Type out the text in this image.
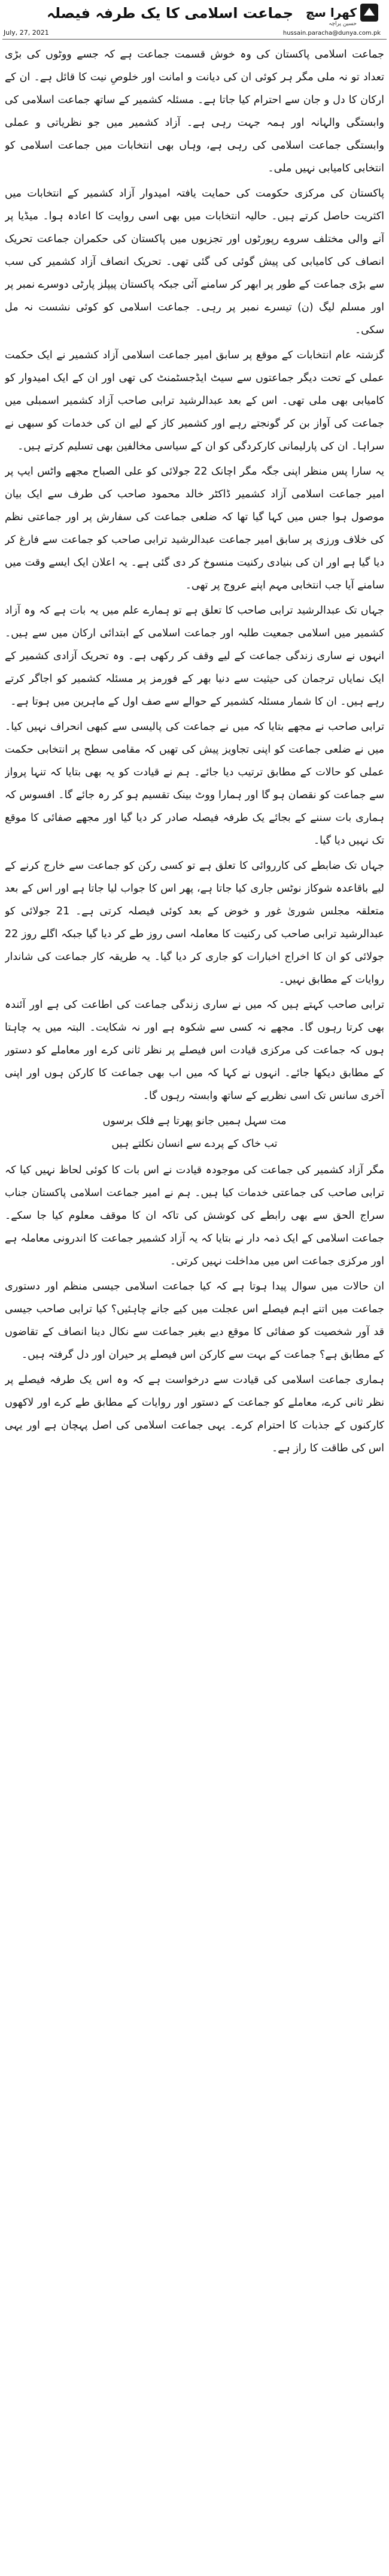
جماعت اسلامی کا یک طرفہ فیصلہ کھرا سچ
حسین پراچہ
July, 27, 2021	hussain.paracha@dunya.com.pk

جماعت اسلامی پاکستان کی وہ خوش قسمت جماعت ہے کہ جسے ووٹوں کی بڑی تعداد تو نہ ملی مگر ہر کوئی ان کی دیانت و امانت اور خلوصِ نیت کا قائل ہے۔ ان کے ارکان کا دل و جان سے احترام کیا جاتا ہے۔ مسئلہ کشمیر کے ساتھ جماعت اسلامی کی وابستگی والہانہ اور ہمہ جہت رہی ہے۔ آزاد کشمیر میں جو نظریاتی و عملی وابستگی جماعت اسلامی کی رہی ہے، وہاں بھی انتخابات میں جماعت اسلامی کو انتخابی کامیابی نہیں ملی۔

پاکستان کی مرکزی حکومت کی حمایت یافتہ امیدوار آزاد کشمیر کے انتخابات میں اکثریت حاصل کرتے ہیں۔ حالیہ انتخابات میں بھی اسی روایت کا اعادہ ہوا۔ میڈیا پر آنے والی مختلف سروے رپورٹوں اور تجزیوں میں پاکستان کی حکمران جماعت تحریک انصاف کی کامیابی کی پیش گوئی کی گئی تھی۔ تحریک انصاف آزاد کشمیر کی سب سے بڑی جماعت کے طور پر ابھر کر سامنے آئی جبکہ پاکستان پیپلز پارٹی دوسرے نمبر پر اور مسلم لیگ (ن) تیسرے نمبر پر رہی۔ جماعت اسلامی کو کوئی نشست نہ مل سکی۔

گزشتہ عام انتخابات کے موقع پر سابق امیر جماعت اسلامی آزاد کشمیر نے ایک حکمت عملی کے تحت دیگر جماعتوں سے سیٹ ایڈجسٹمنٹ کی تھی اور ان کے ایک امیدوار کو کامیابی بھی ملی تھی۔ اس کے بعد عبدالرشید ترابی صاحب آزاد کشمیر اسمبلی میں جماعت کی آواز بن کر گونجتے رہے اور کشمیر کاز کے لیے ان کی خدمات کو سبھی نے سراہا۔ ان کی پارلیمانی کارکردگی کو ان کے سیاسی مخالفین بھی تسلیم کرتے ہیں۔

یہ سارا پس منظر اپنی جگہ مگر اچانک 22 جولائی کو علی الصباح مجھے واٹس ایپ پر امیر جماعت اسلامی آزاد کشمیر ڈاکٹر خالد محمود صاحب کی طرف سے ایک بیان موصول ہوا جس میں کہا گیا تھا کہ ضلعی جماعت کی سفارش پر اور جماعتی نظم کی خلاف ورزی پر سابق امیر جماعت عبدالرشید ترابی صاحب کو جماعت سے فارغ کر دیا گیا ہے اور ان کی بنیادی رکنیت منسوخ کر دی گئی ہے۔ یہ اعلان ایک ایسے وقت میں سامنے آیا جب انتخابی مہم اپنے عروج پر تھی۔

جہاں تک عبدالرشید ترابی صاحب کا تعلق ہے تو ہمارے علم میں یہ بات ہے کہ وہ آزاد کشمیر میں اسلامی جمعیت طلبہ اور جماعت اسلامی کے ابتدائی ارکان میں سے ہیں۔ انہوں نے ساری زندگی جماعت کے لیے وقف کر رکھی ہے۔ وہ تحریک آزادی کشمیر کے ایک نمایاں ترجمان کی حیثیت سے دنیا بھر کے فورمز پر مسئلہ کشمیر کو اجاگر کرتے رہے ہیں۔ ان کا شمار مسئلہ کشمیر کے حوالے سے صف اول کے ماہرین میں ہوتا ہے۔

ترابی صاحب نے مجھے بتایا کہ میں نے جماعت کی پالیسی سے کبھی انحراف نہیں کیا۔ میں نے ضلعی جماعت کو اپنی تجاویز پیش کی تھیں کہ مقامی سطح پر انتخابی حکمت عملی کو حالات کے مطابق ترتیب دیا جائے۔ ہم نے قیادت کو یہ بھی بتایا کہ تنہا پرواز سے جماعت کو نقصان ہو گا اور ہمارا ووٹ بینک تقسیم ہو کر رہ جائے گا۔ افسوس کہ ہماری بات سننے کے بجائے یک طرفہ فیصلہ صادر کر دیا گیا اور مجھے صفائی کا موقع تک نہیں دیا گیا۔

جہاں تک ضابطے کی کارروائی کا تعلق ہے تو کسی رکن کو جماعت سے خارج کرنے کے لیے باقاعدہ شوکاز نوٹس جاری کیا جاتا ہے، پھر اس کا جواب لیا جاتا ہے اور اس کے بعد متعلقہ مجلس شوریٰ غور و خوض کے بعد کوئی فیصلہ کرتی ہے۔ 21 جولائی کو عبدالرشید ترابی صاحب کی رکنیت کا معاملہ اسی روز طے کر دیا گیا جبکہ اگلے روز 22 جولائی کو ان کا اخراج اخبارات کو جاری کر دیا گیا۔ یہ طریقہ کار جماعت کی شاندار روایات کے مطابق نہیں۔

ترابی صاحب کہتے ہیں کہ میں نے ساری زندگی جماعت کی اطاعت کی ہے اور آئندہ بھی کرتا رہوں گا۔ مجھے نہ کسی سے شکوہ ہے اور نہ شکایت۔ البتہ میں یہ چاہتا ہوں کہ جماعت کی مرکزی قیادت اس فیصلے پر نظر ثانی کرے اور معاملے کو دستور کے مطابق دیکھا جائے۔ انہوں نے کہا کہ میں اب بھی جماعت کا کارکن ہوں اور اپنی آخری سانس تک اسی نظریے کے ساتھ وابستہ رہوں گا۔

مت سہل ہمیں جانو پھرتا ہے فلک برسوں
تب خاک کے پردے سے انسان نکلتے ہیں

مگر آزاد کشمیر کی جماعت کی موجودہ قیادت نے اس بات کا کوئی لحاظ نہیں کیا کہ ترابی صاحب کی جماعتی خدمات کیا ہیں۔ ہم نے امیر جماعت اسلامی پاکستان جناب سراج الحق سے بھی رابطے کی کوشش کی تاکہ ان کا موقف معلوم کیا جا سکے۔ جماعت اسلامی کے ایک ذمہ دار نے بتایا کہ یہ آزاد کشمیر جماعت کا اندرونی معاملہ ہے اور مرکزی جماعت اس میں مداخلت نہیں کرتی۔

ان حالات میں سوال پیدا ہوتا ہے کہ کیا جماعت اسلامی جیسی منظم اور دستوری جماعت میں اتنے اہم فیصلے اس عجلت میں کیے جانے چاہئیں؟ کیا ترابی صاحب جیسی قد آور شخصیت کو صفائی کا موقع دیے بغیر جماعت سے نکال دینا انصاف کے تقاضوں کے مطابق ہے؟ جماعت کے بہت سے کارکن اس فیصلے پر حیران اور دل گرفتہ ہیں۔

ہماری جماعت اسلامی کی قیادت سے درخواست ہے کہ وہ اس یک طرفہ فیصلے پر نظر ثانی کرے، معاملے کو جماعت کے دستور اور روایات کے مطابق طے کرے اور لاکھوں کارکنوں کے جذبات کا احترام کرے۔ یہی جماعت اسلامی کی اصل پہچان ہے اور یہی اس کی طاقت کا راز ہے۔
